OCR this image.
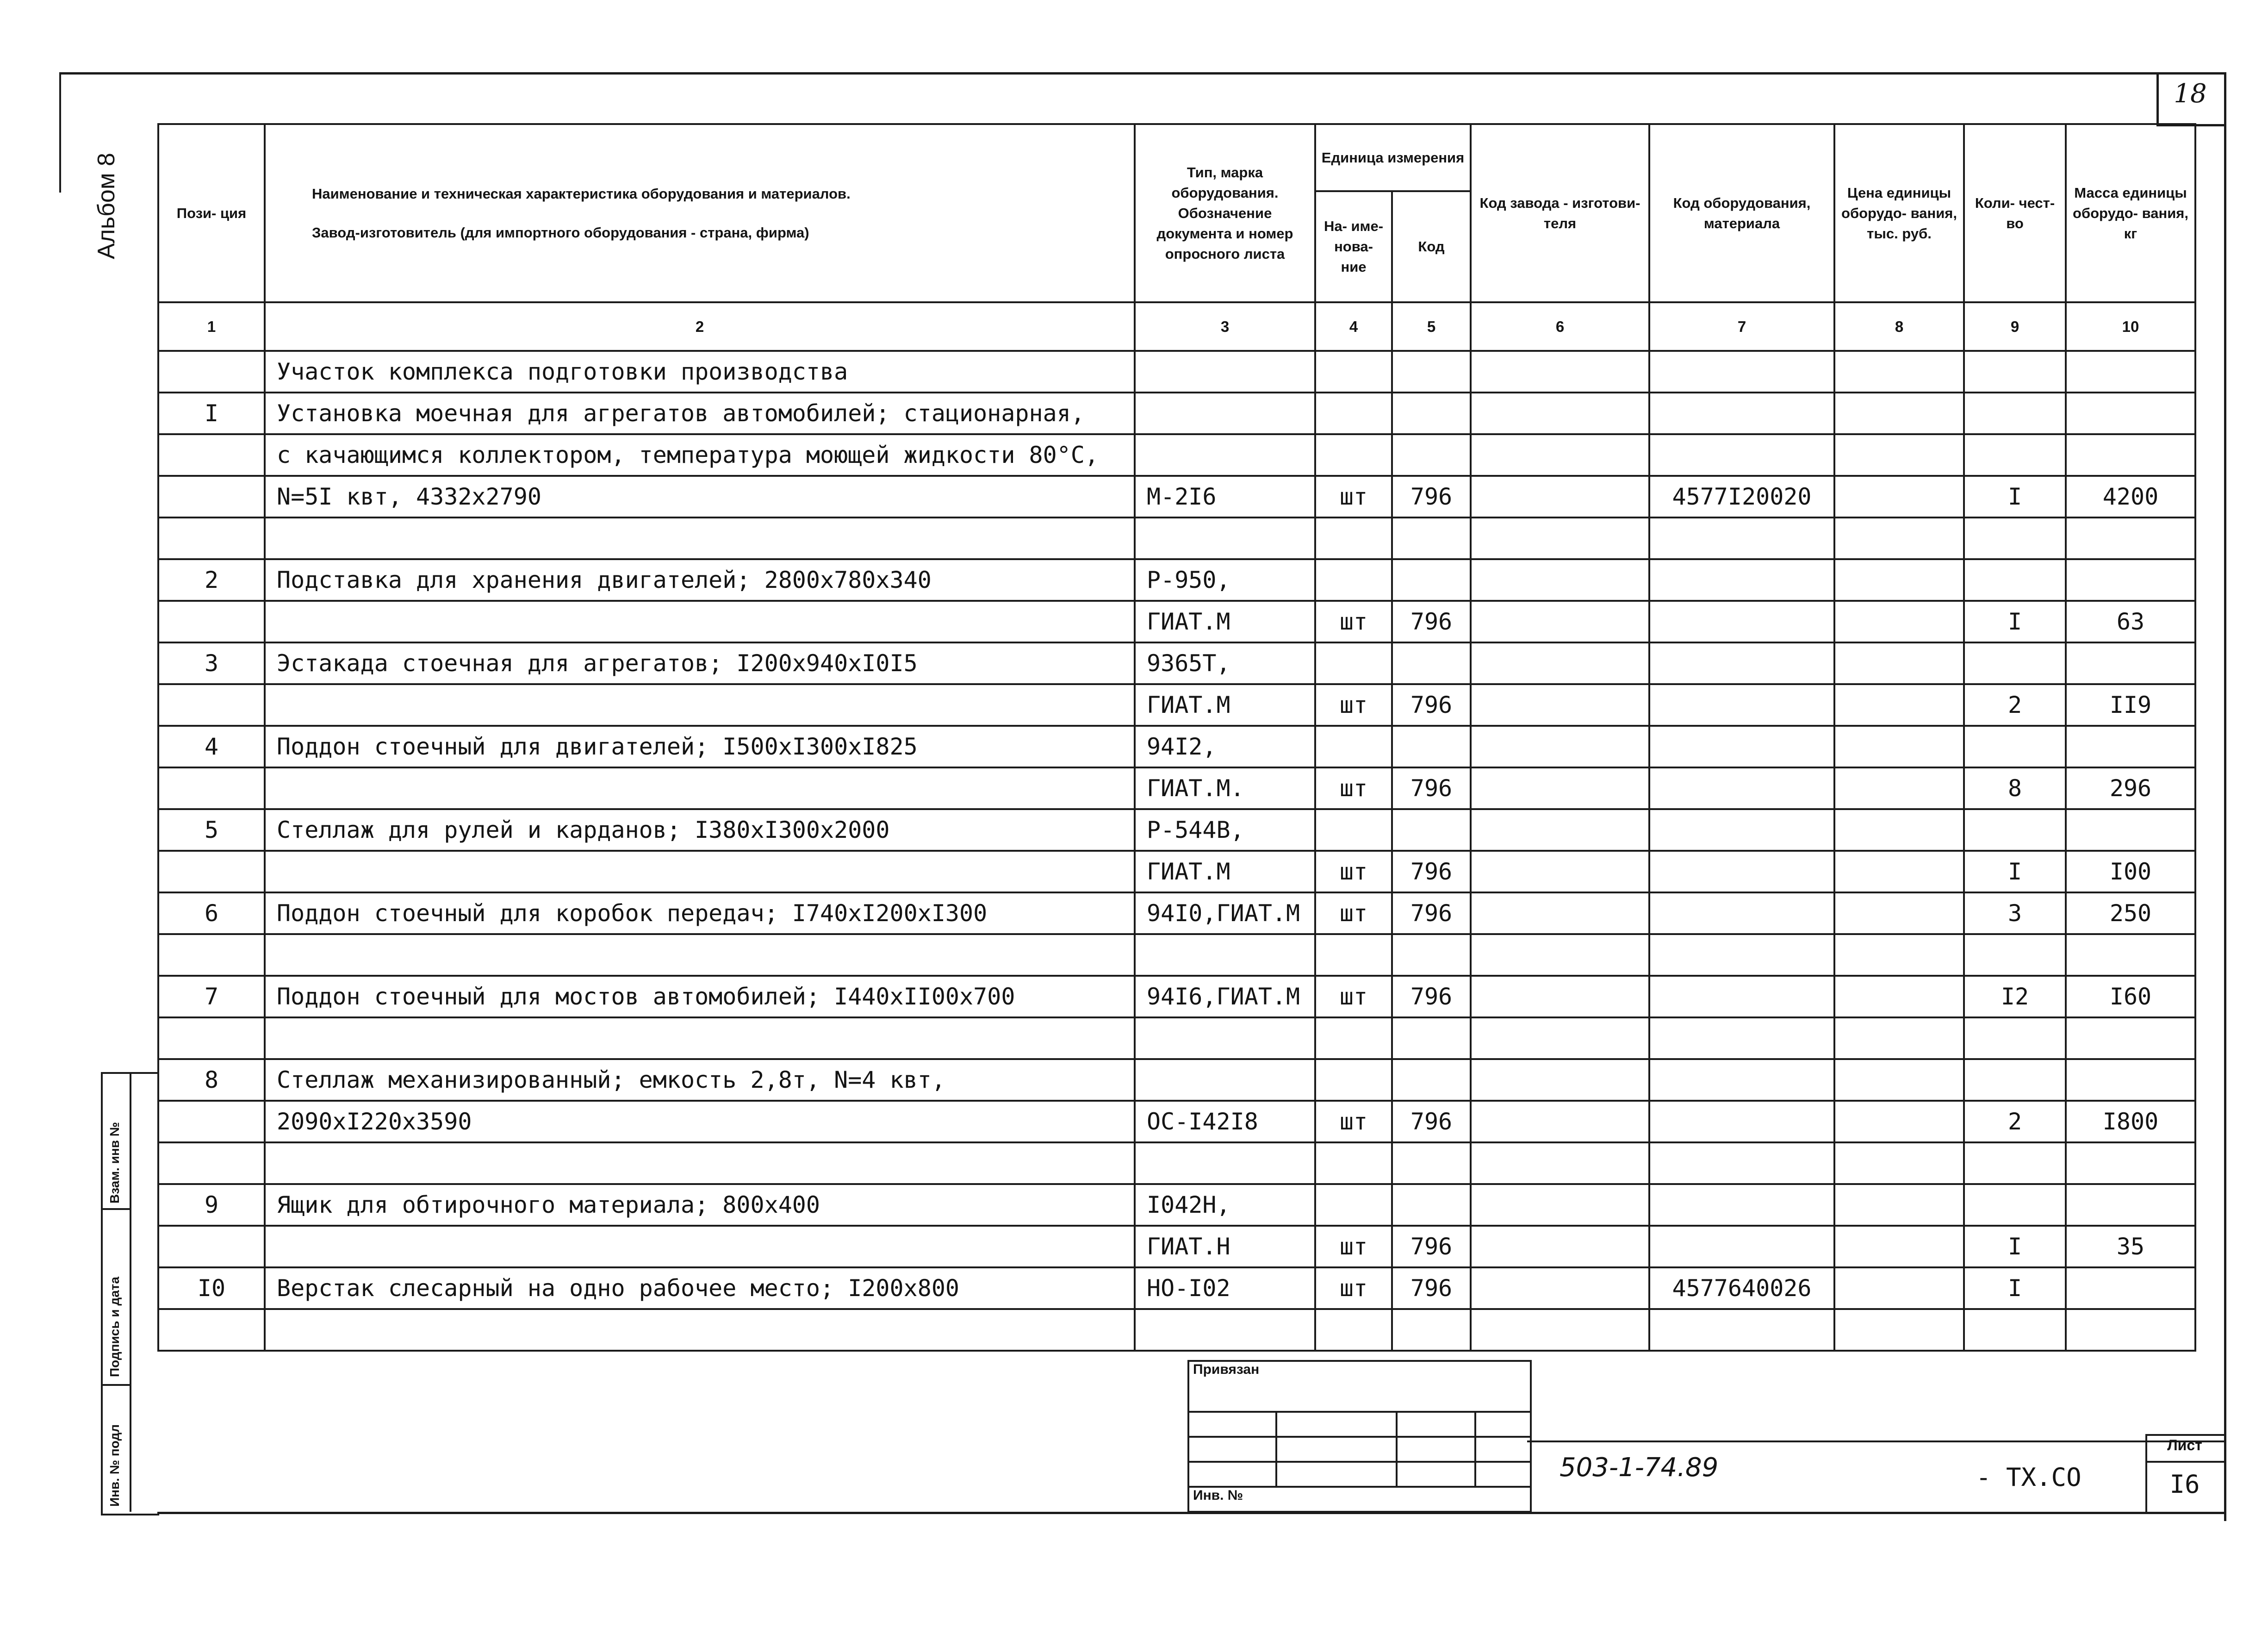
18
Альбом 8	Пози- ция	Наименование и техническая характеристика оборудования и материалов.
Завод-изготовитель (для импортного оборудования - страна, фирма)	Тип, марка оборудования. Обозначение документа и номер опросного листа	Единица измерения		Код завода - изготови- теля	Код оборудования, материала	Цена единицы оборудо- вания, тыс. руб.	Коли- чест- во	Масса единицы оборудо- вания, кг
			На- име- нова- ние	Код					
1	2	3	4	5	6	7	8	9	10
	Участок комплекса подготовки производства								
I	Установка моечная для агрегатов автомобилей; стационарная,								
	с качающимся коллектором, температура моющей жидкости 80°C,								
	N=5I квт, 4332x2790	М-2I6	шт	796		4577I20020		I	4200

2	Подставка для хранения двигателей; 2800x780x340	Р-950,							
		ГИАТ.М	шт	796				I	63
3	Эстакада стоечная для агрегатов; I200x940xI0I5	9365Т,							
		ГИАТ.М	шт	796				2	II9
4	Поддон стоечный для двигателей; I500xI300xI825	94I2,							
		ГИАТ.М.	шт	796				8	296
5	Стеллаж для рулей и карданов; I380xI300x2000	Р-544В,							
		ГИАТ.М	шт	796				I	I00
6	Поддон стоечный для коробок передач; I740xI200xI300	94I0,ГИАТ.М	шт	796				3	250

7	Поддон стоечный для мостов автомобилей; I440xII00x700	94I6,ГИАТ.М	шт	796				I2	I60

8	Стеллаж механизированный; емкость 2,8т, N=4 квт,								
	2090xI220x3590	ОС-I42I8	шт	796				2	I800

9	Ящик для обтирочного материала; 800x400	I042Н,							
		ГИАТ.Н	шт	796				I	35
I0	Верстак слесарный на одно рабочее место; I200x800	НО-I02	шт	796		4577640026		I	

Взам. инв №
Подпись и дата
Инв. № подл
Привязан			

Инв. №			
503-1-74.89	- ТХ.СО
Лист
I6
